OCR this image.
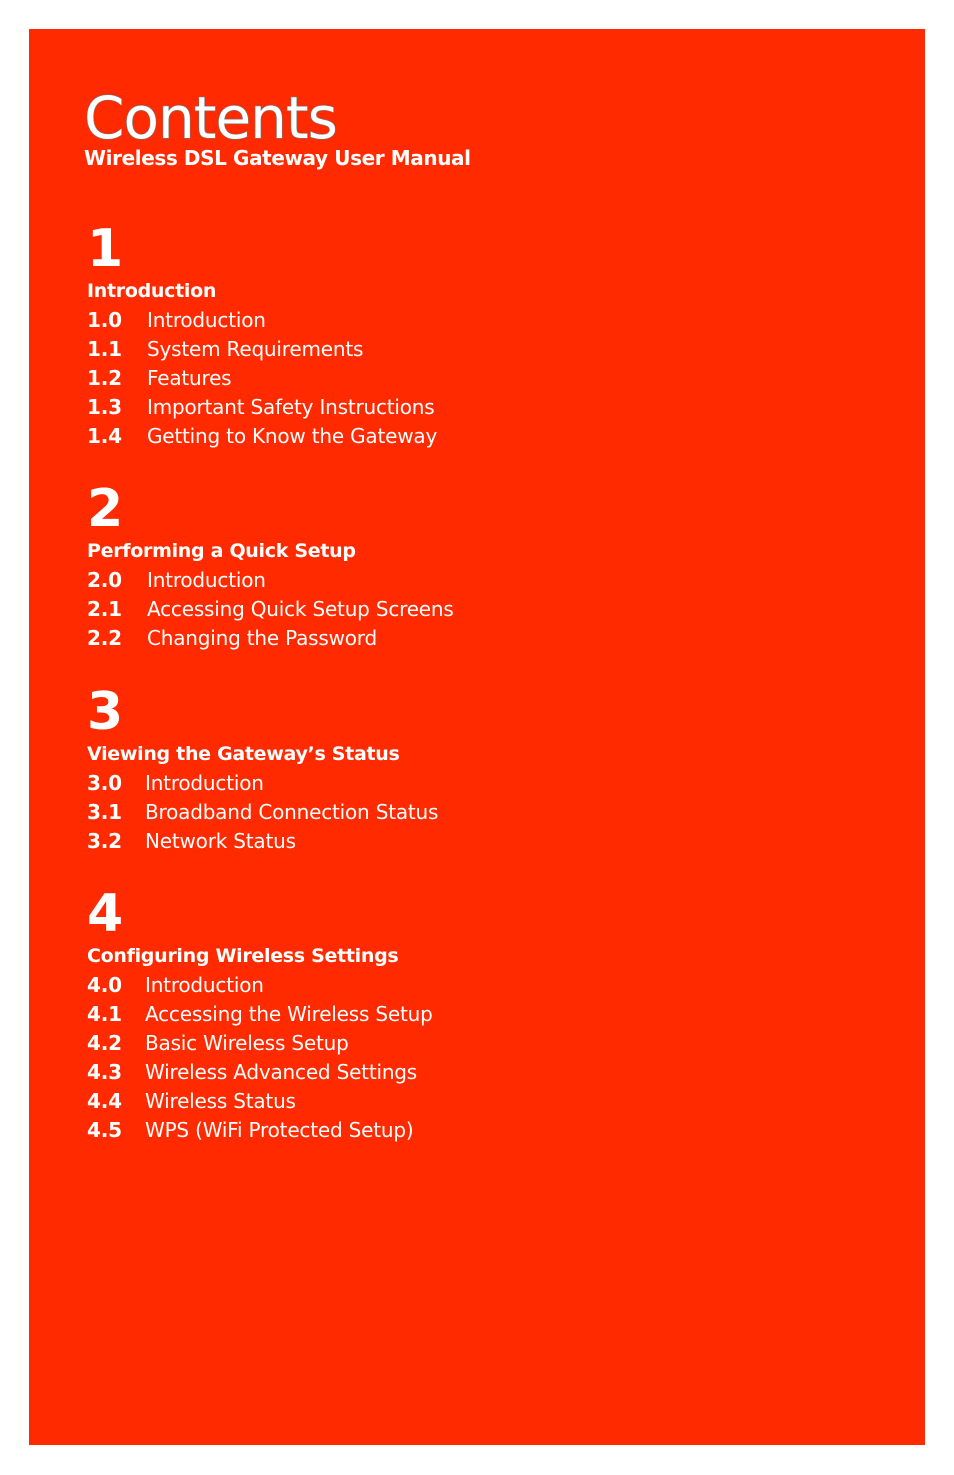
Contents
Wireless DSL Gateway User Manual
1
Introduction
1.0	Introduction
1.1	System Requirements
1.2	Features
1.3	Important Safety Instructions
1.4	Getting to Know the Gateway
2
Performing a Quick Setup
2.0	Introduction
2.1	Accessing Quick Setup Screens
2.2	Changing the Password
3
Viewing the Gateway’s Status
3.0	Introduction
3.1	Broadband Connection Status
3.2	Network Status
4
Configuring Wireless Settings
4.0	Introduction
4.1	Accessing the Wireless Setup
4.2	Basic Wireless Setup
4.3	Wireless Advanced Settings
4.4	Wireless Status
4.5	WPS (WiFi Protected Setup)
